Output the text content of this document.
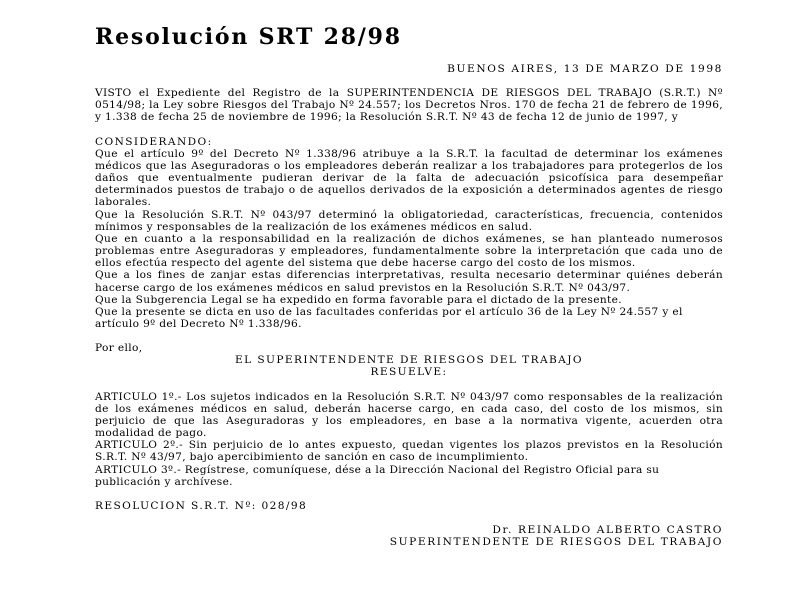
Resolución SRT 28/98

BUENOS AIRES, 13 DE MARZO DE 1998

VISTO el Expediente del Registro de la SUPERINTENDENCIA DE RIESGOS DEL TRABAJO (S.R.T.) Nº 0514/98; la Ley sobre Riesgos del Trabajo Nº 24.557; los Decretos Nros. 170 de fecha 21 de febrero de 1996, y 1.338 de fecha 25 de noviembre de 1996; la Resolución S.R.T. Nº 43 de fecha 12 de junio de 1997, y

CONSIDERANDO:

Que el artículo 9º del Decreto Nº 1.338/96 atribuye a la S.R.T. la facultad de determinar los exámenes médicos que las Aseguradoras o los empleadores deberán realizar a los trabajadores para protegerlos de los daños que eventualmente pudieran derivar de la falta de adecuación psicofísica para desempeñar determinados puestos de trabajo o de aquellos derivados de la exposición a determinados agentes de riesgo laborales.

Que la Resolución S.R.T. Nº 043/97 determinó la obligatoriedad, características, frecuencia, contenidos mínimos y responsables de la realización de los exámenes médicos en salud.

Que en cuanto a la responsabilidad en la realización de dichos exámenes, se han planteado numerosos problemas entre Aseguradoras y empleadores, fundamentalmente sobre la interpretación que cada uno de ellos efectúa respecto del agente del sistema que debe hacerse cargo del costo de los mismos.

Que a los fines de zanjar estas diferencias interpretativas, resulta necesario determinar quiénes deberán hacerse cargo de los exámenes médicos en salud previstos en la Resolución S.R.T. Nº 043/97.

Que la Subgerencia Legal se ha expedido en forma favorable para el dictado de la presente.

Que la presente se dicta en uso de las facultades conferidas por el artículo 36 de la Ley Nº 24.557 y el artículo 9º del Decreto Nº 1.338/96.

Por ello,

EL SUPERINTENDENTE DE RIESGOS DEL TRABAJO

RESUELVE:

ARTICULO 1º.- Los sujetos indicados en la Resolución S.R.T. Nº 043/97 como responsables de la realización de los exámenes médicos en salud, deberán hacerse cargo, en cada caso, del costo de los mismos, sin perjuicio de que las Aseguradoras y los empleadores, en base a la normativa vigente, acuerden otra modalidad de pago.

ARTICULO 2º.- Sin perjuicio de lo antes expuesto, quedan vigentes los plazos previstos en la Resolución S.R.T. Nº 43/97, bajo apercibimiento de sanción en caso de incumplimiento.

ARTICULO 3º.- Regístrese, comuníquese, dése a la Dirección Nacional del Registro Oficial para su publicación y archívese.

RESOLUCION S.R.T. Nº: 028/98

Dr. REINALDO ALBERTO CASTRO

SUPERINTENDENTE DE RIESGOS DEL TRABAJO
